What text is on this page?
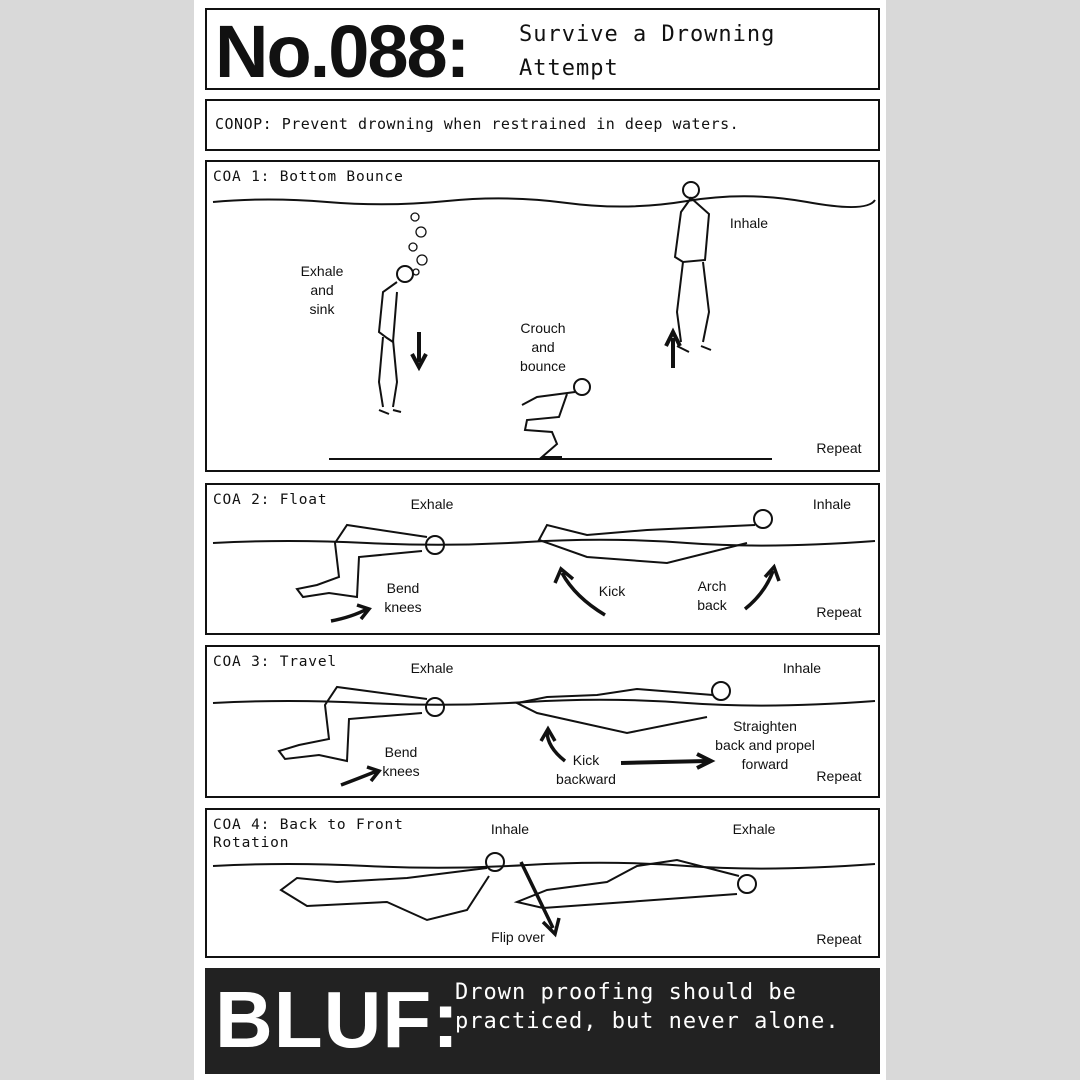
No.088: Survive a Drowning Attempt
CONOP: Prevent drowning when restrained in deep waters.
COA 1: Bottom Bounce
Exhale
and
sink
Crouch
and
bounce
Inhale
Repeat
COA 2: Float	Exhale	Inhale
Bend
knees
Kick	Arch
back	Repeat
COA 3: Travel	Exhale	Inhale
Bend
knees
Kick
backward
Straighten
back and propel
forward
Repeat
COA 4: Back to Front
Rotation
Inhale	Exhale
Flip over	Repeat
BLUF:
Drown proofing should be practiced, but never alone.
